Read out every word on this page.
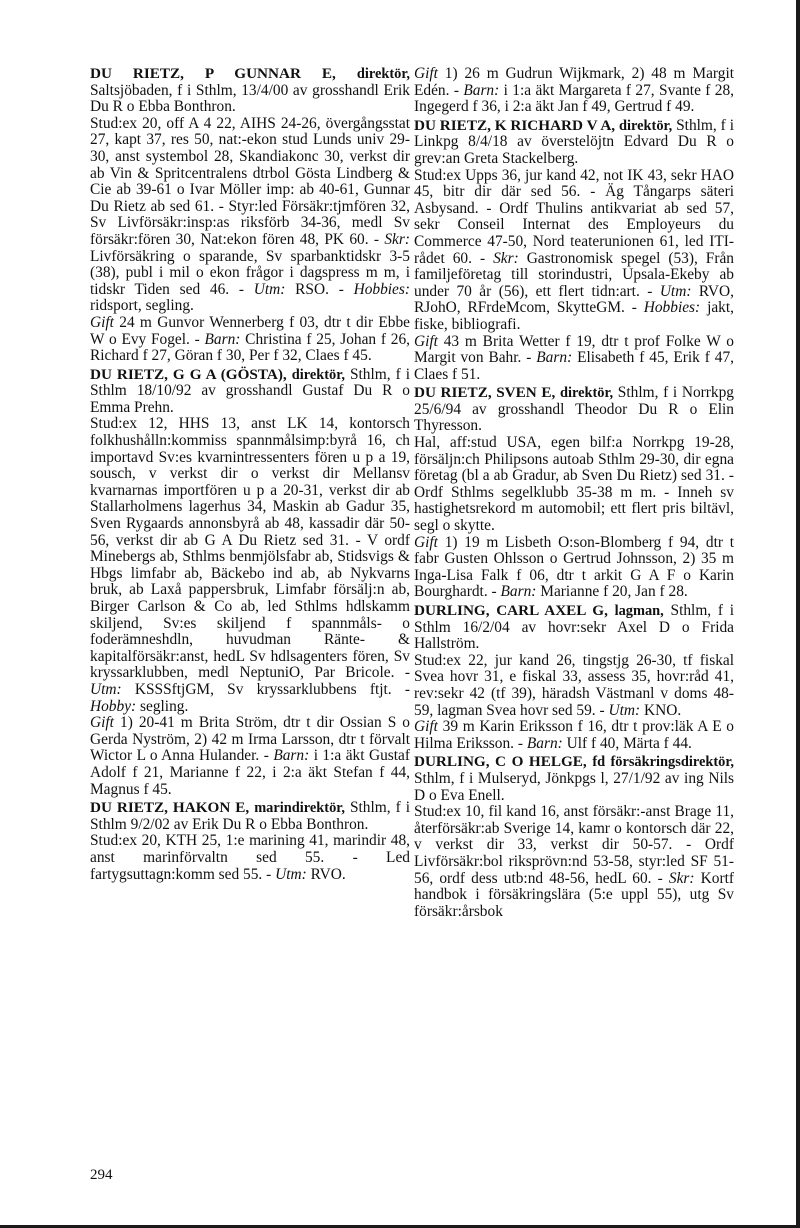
DU RIETZ, P GUNNAR E, direktör, Saltsjöbaden, f i Sthlm, 13/4/00 av grosshandl Erik Du R o Ebba Bonthron.

Stud:ex 20, off A 4 22, AIHS 24-26, övergångsstat 27, kapt 37, res 50, nat:-ekon stud Lunds univ 29-30, anst systembol 28, Skandiakonc 30, verkst dir ab Vin & Spritcentralens dtrbol Gösta Lindberg & Cie ab 39-61 o Ivar Möller imp: ab 40-61, Gunnar Du Rietz ab sed 61. - Styr:led Försäkr:tjmfören 32, Sv Livförsäkr:insp:as riksförb 34-36, medl Sv försäkr:fören 30, Nat:ekon fören 48, PK 60. - Skr: Livförsäkring o sparande, Sv sparbanktidskr 3-5 (38), publ i mil o ekon frågor i dagspress m m, i tidskr Tiden sed 46. - Utm: RSO. - Hobbies: ridsport, segling.

Gift 24 m Gunvor Wennerberg f 03, dtr t dir Ebbe W o Evy Fogel. - Barn: Christina f 25, Johan f 26, Richard f 27, Göran f 30, Per f 32, Claes f 45.

DU RIETZ, G G A (GÖSTA), direktör, Sthlm, f i Sthlm 18/10/92 av grosshandl Gustaf Du R o Emma Prehn.

Stud:ex 12, HHS 13, anst LK 14, kontorsch folkhushålln:kommiss spannmålsimp:byrå 16, ch importavd Sv:es kvarnintressenters fören u p a 19, sousch, v verkst dir o verkst dir Mellansv kvarnarnas importfören u p a 20-31, verkst dir ab Stallarholmens lagerhus 34, Maskin ab Gadur 35, Sven Rygaards annonsbyrå ab 48, kassadir där 50-56, verkst dir ab G A Du Rietz sed 31. - V ordf Minebergs ab, Sthlms benmjölsfabr ab, Stidsvigs & Hbgs limfabr ab, Bäckebo ind ab, ab Nykvarns bruk, ab Laxå pappersbruk, Limfabr försälj:n ab, Birger Carlson & Co ab, led Sthlms hdlskamm skiljend, Sv:es skiljend f spannmåls- o foderämneshdln, huvudman Ränte- & kapitalförsäkr:anst, hedL Sv hdlsagenters fören, Sv kryssarklubben, medl NeptuniO, Par Bricole. - Utm: KSSSftjGM, Sv kryssarklubbens ftjt. - Hobby: segling.

Gift 1) 20-41 m Brita Ström, dtr t dir Ossian S o Gerda Nyström, 2) 42 m Irma Larsson, dtr t förvalt Wictor L o Anna Hulander. - Barn: i 1:a äkt Gustaf Adolf f 21, Marianne f 22, i 2:a äkt Stefan f 44, Magnus f 45.

DU RIETZ, HAKON E, marindirektör, Sthlm, f i Sthlm 9/2/02 av Erik Du R o Ebba Bonthron.

Stud:ex 20, KTH 25, 1:e marining 41, marindir 48, anst marinförvaltn sed 55. - Led fartygsuttagn:komm sed 55. - Utm: RVO.

Gift 1) 26 m Gudrun Wijkmark, 2) 48 m Margit Edén. - Barn: i 1:a äkt Margareta f 27, Svante f 28, Ingegerd f 36, i 2:a äkt Jan f 49, Gertrud f 49.

DU RIETZ, K RICHARD V A, direktör, Sthlm, f i Linkpg 8/4/18 av överstelöjtn Edvard Du R o grev:an Greta Stackelberg.

Stud:ex Upps 36, jur kand 42, not IK 43, sekr HAO 45, bitr dir där sed 56. - Äg Tångarps säteri Asbysand. - Ordf Thulins antikvariat ab sed 57, sekr Conseil Internat des Employeurs du Commerce 47-50, Nord teaterunionen 61, led ITI-rådet 60. - Skr: Gastronomisk spegel (53), Från familjeföretag till storindustri, Upsala-Ekeby ab under 70 år (56), ett flert tidn:art. - Utm: RVO, RJohO, RFrdeMcom, SkytteGM. - Hobbies: jakt, fiske, bibliografi.

Gift 43 m Brita Wetter f 19, dtr t prof Folke W o Margit von Bahr. - Barn: Elisabeth f 45, Erik f 47, Claes f 51.

DU RIETZ, SVEN E, direktör, Sthlm, f i Norrkpg 25/6/94 av grosshandl Theodor Du R o Elin Thyresson.

Hal, aff:stud USA, egen bilf:a Norrkpg 19-28, försäljn:ch Philipsons autoab Sthlm 29-30, dir egna företag (bl a ab Gradur, ab Sven Du Rietz) sed 31. - Ordf Sthlms segelklubb 35-38 m m. - Inneh sv hastighetsrekord m automobil; ett flert pris biltävl, segl o skytte.

Gift 1) 19 m Lisbeth O:son-Blomberg f 94, dtr t fabr Gusten Ohlsson o Gertrud Johnsson, 2) 35 m Inga-Lisa Falk f 06, dtr t arkit G A F o Karin Bourghardt. - Barn: Marianne f 20, Jan f 28.

DURLING, CARL AXEL G, lagman, Sthlm, f i Sthlm 16/2/04 av hovr:sekr Axel D o Frida Hallström.

Stud:ex 22, jur kand 26, tingstjg 26-30, tf fiskal Svea hovr 31, e fiskal 33, assess 35, hovr:råd 41, rev:sekr 42 (tf 39), häradsh Västmanl v doms 48-59, lagman Svea hovr sed 59. - Utm: KNO.

Gift 39 m Karin Eriksson f 16, dtr t prov:läk A E o Hilma Eriksson. - Barn: Ulf f 40, Märta f 44.

DURLING, C O HELGE, fd försäkringsdirektör, Sthlm, f i Mulseryd, Jönkpgs l, 27/1/92 av ing Nils D o Eva Enell.

Stud:ex 10, fil kand 16, anst försäkr:-anst Brage 11, återförsäkr:ab Sverige 14, kamr o kontorsch där 22, v verkst dir 33, verkst dir 50-57. - Ordf Livförsäkr:bol riksprövn:nd 53-58, styr:led SF 51-56, ordf dess utb:nd 48-56, hedL 60. - Skr: Kortf handbok i försäkringslära (5:e uppl 55), utg Sv försäkr:årsbok

294
